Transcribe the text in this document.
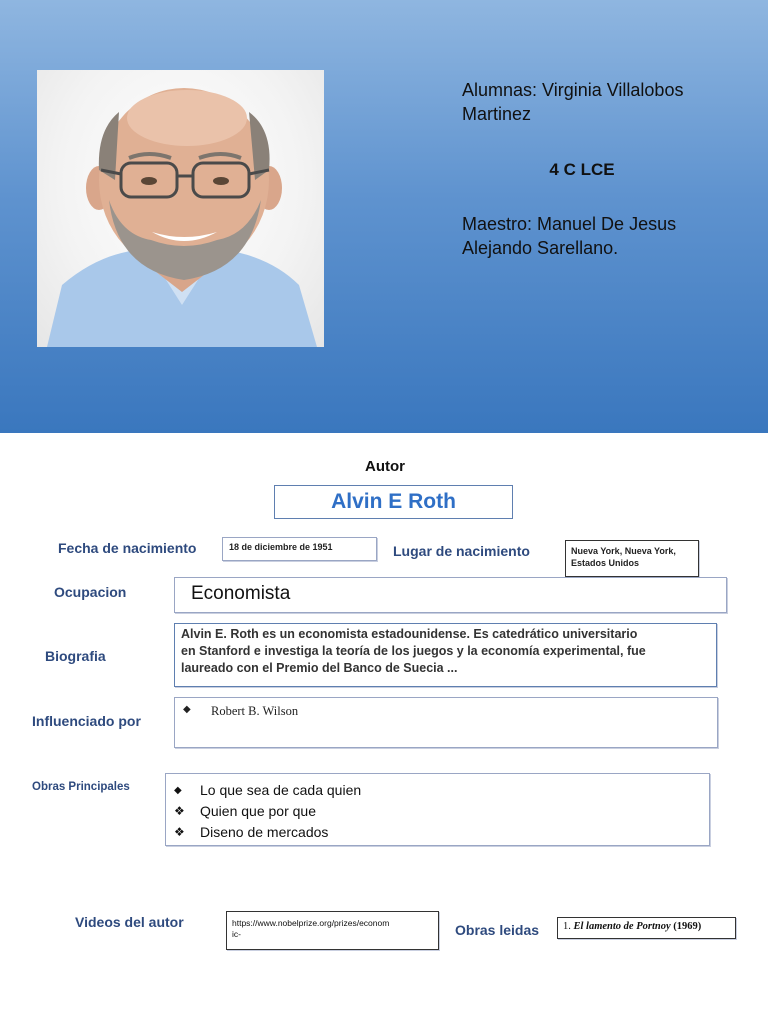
Alumnas: Virginia Villalobos
Martinez
4 C LCE
Maestro: Manuel De Jesus
Alejando Sarellano.
Autor
Alvin E Roth
Fecha de nacimiento	18 de diciembre de 1951	Lugar de nacimiento	Nueva York, Nueva York,
Estados Unidos
Ocupacion	Economista
Biografia
Alvin E. Roth es un economista estadounidense. Es catedrático universitario
en Stanford e investiga la teoría de los juegos y la economía experimental, fue
laureado con el Premio del Banco de Suecia ...
Influenciado por
◆ Robert B. Wilson
Obras Principales	◆ Lo que sea de cada quien
❖ Quien que por que
❖ Diseno de mercados
Videos del autor	https://www.nobelprize.org/prizes/econom
ic-	Obras leidas	1. El lamento de Portnoy (1969)
